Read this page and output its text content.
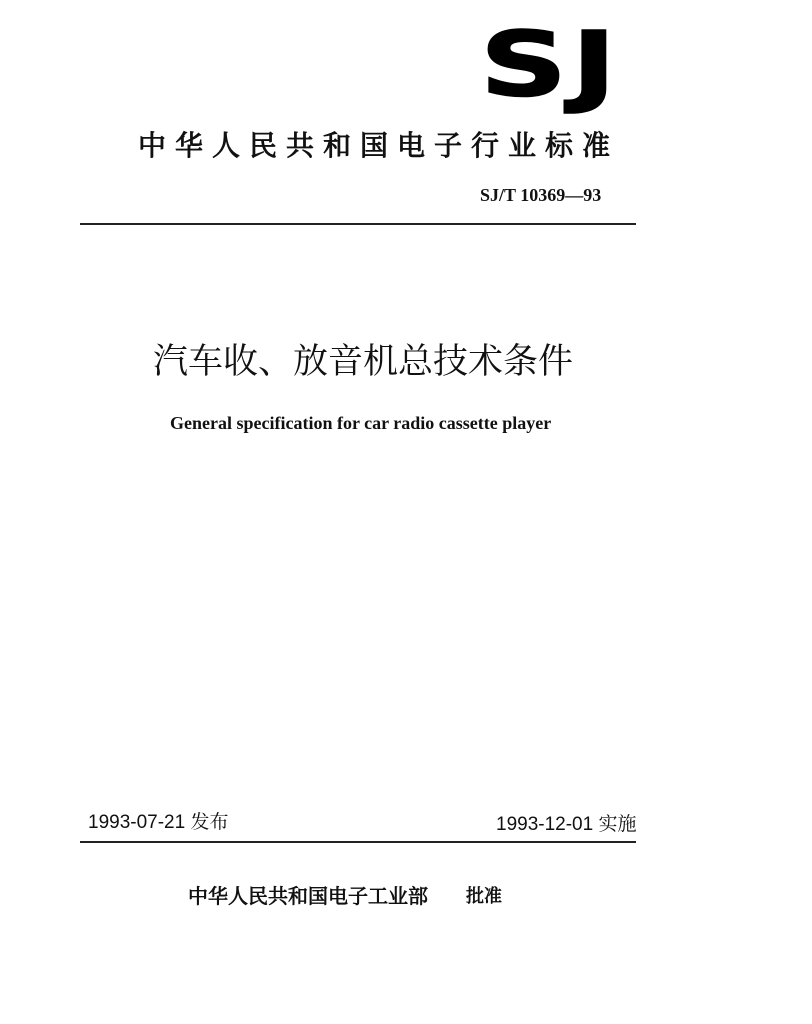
SJ
中华人民共和国电子行业标准
SJ/T 10369—93
汽车收、放音机总技术条件
General specification for car radio cassette player
1993-07-21 发布	1993-12-01 实施
中华人民共和国电子工业部 批准
